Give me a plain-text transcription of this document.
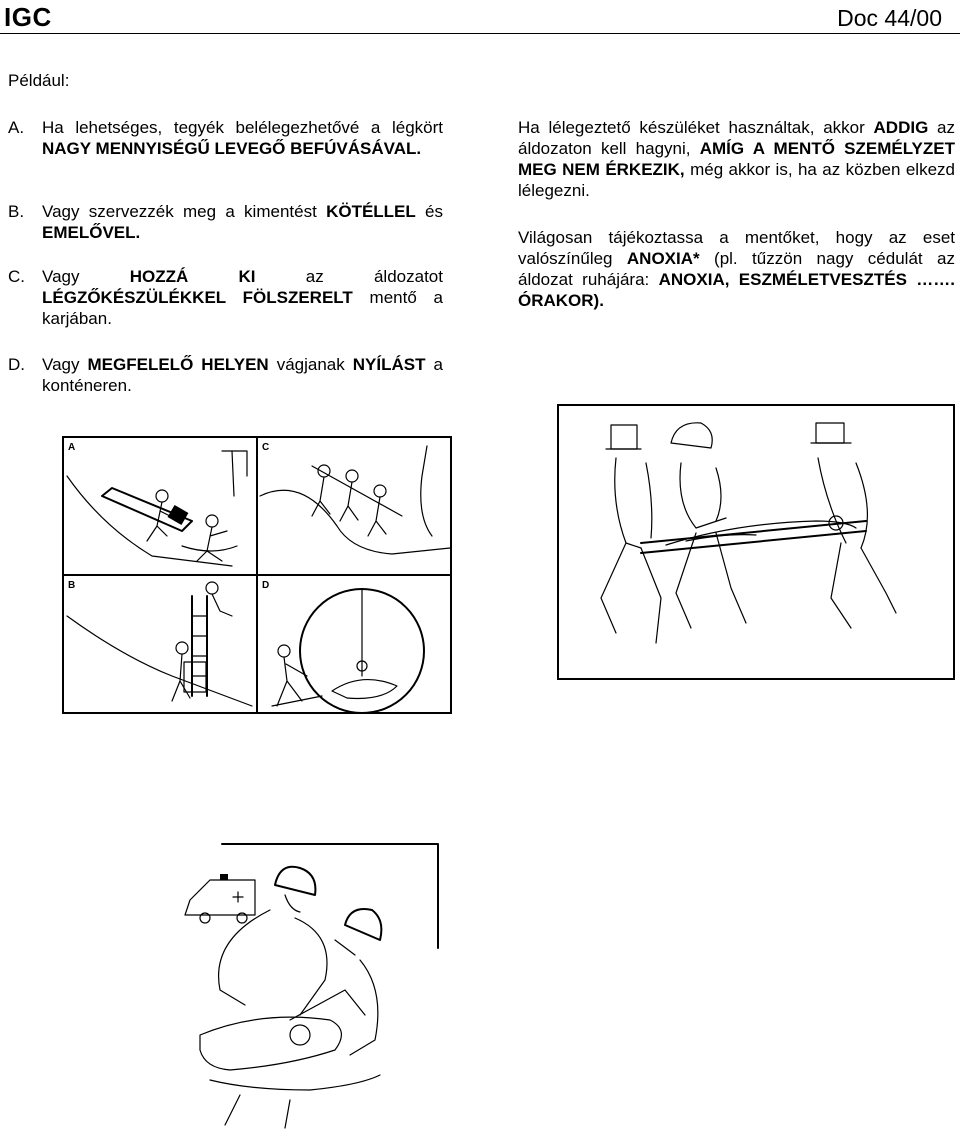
IGC	Doc 44/00
Például:
A.	Ha lehetséges, tegyék belélegezhetővé a légkört NAGY MENNYISÉGŰ LEVEGŐ BEFÚVÁSÁVAL.
B.	Vagy szervezzék meg a kimentést KÖTÉLLEL és EMELŐVEL.
C.	Vagy HOZZÁ KI az áldozatot LÉGZŐKÉSZÜLÉKKEL FÖLSZERELT mentő a karjában.
D.	Vagy MEGFELELŐ HELYEN vágjanak NYÍLÁST a konténeren.

Ha lélegeztető készüléket használtak, akkor ADDIG az áldozaton kell hagyni, AMÍG A MENTŐ SZEMÉLYZET MEG NEM ÉRKEZIK, még akkor is, ha az közben elkezd lélegezni.

Világosan tájékoztassa a mentőket, hogy az eset valószínűleg ANOXIA* (pl. tűzzön nagy cédulát az áldozat ruhájára: ANOXIA, ESZMÉLETVESZTÉS ……. ÓRAKOR).

A	C
B	D
